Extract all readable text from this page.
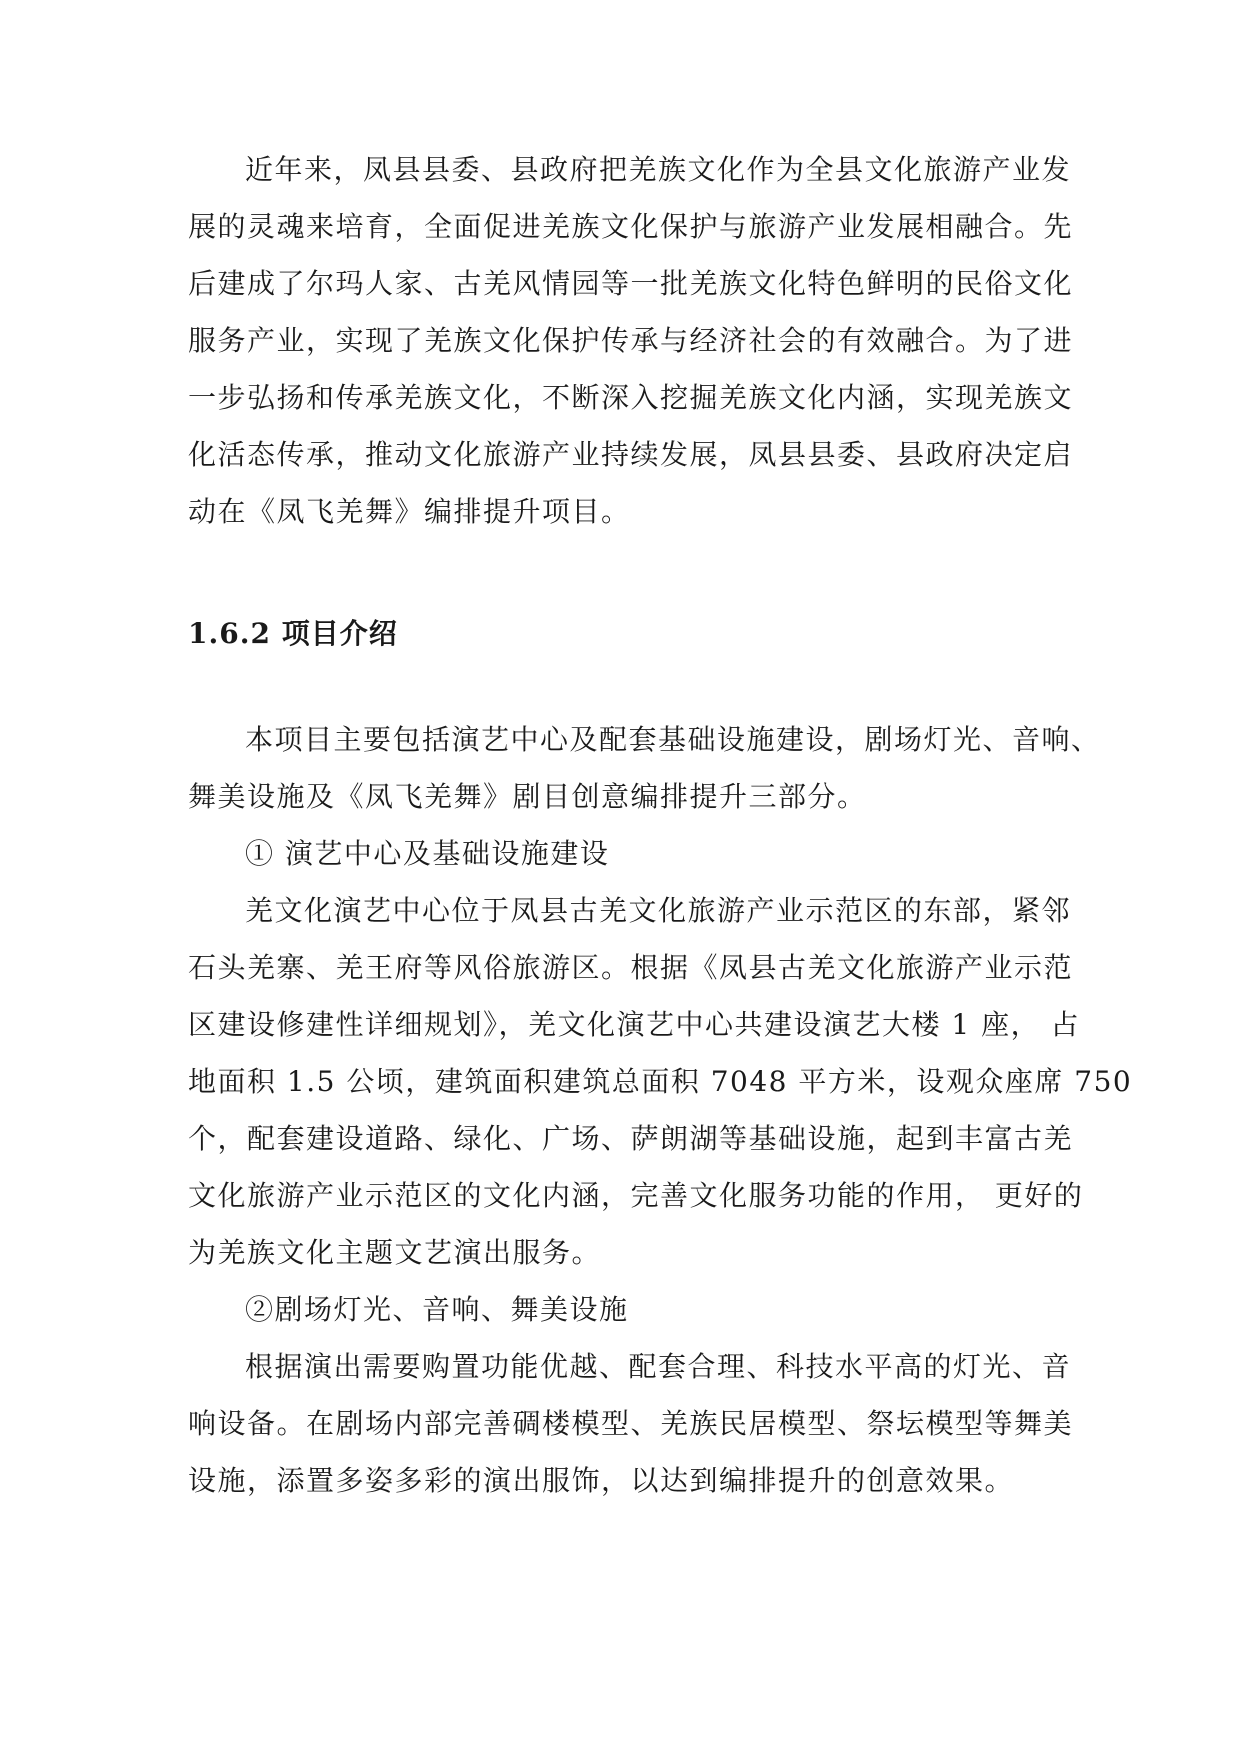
近年来，凤县县委、县政府把羌族文化作为全县文化旅游产业发
展的灵魂来培育，全面促进羌族文化保护与旅游产业发展相融合。先
后建成了尔玛人家、古羌风情园等一批羌族文化特色鲜明的民俗文化
服务产业，实现了羌族文化保护传承与经济社会的有效融合。为了进
一步弘扬和传承羌族文化，不断深入挖掘羌族文化内涵，实现羌族文
化活态传承，推动文化旅游产业持续发展，凤县县委、县政府决定启
动在《凤飞羌舞》编排提升项目。
1.6.2 项目介绍
本项目主要包括演艺中心及配套基础设施建设，剧场灯光、音响、
舞美设施及《凤飞羌舞》剧目创意编排提升三部分。
① 演艺中心及基础设施建设
羌文化演艺中心位于凤县古羌文化旅游产业示范区的东部，紧邻
石头羌寨、羌王府等风俗旅游区。根据《凤县古羌文化旅游产业示范
区建设修建性详细规划》，羌文化演艺中心共建设演艺大楼 1 座， 占
地面积 1.5 公顷，建筑面积建筑总面积 7048 平方米，设观众座席 750
个，配套建设道路、绿化、广场、萨朗湖等基础设施，起到丰富古羌
文化旅游产业示范区的文化内涵，完善文化服务功能的作用， 更好的
为羌族文化主题文艺演出服务。
②剧场灯光、音响、舞美设施
根据演出需要购置功能优越、配套合理、科技水平高的灯光、音
响设备。在剧场内部完善碉楼模型、羌族民居模型、祭坛模型等舞美
设施，添置多姿多彩的演出服饰，以达到编排提升的创意效果。
